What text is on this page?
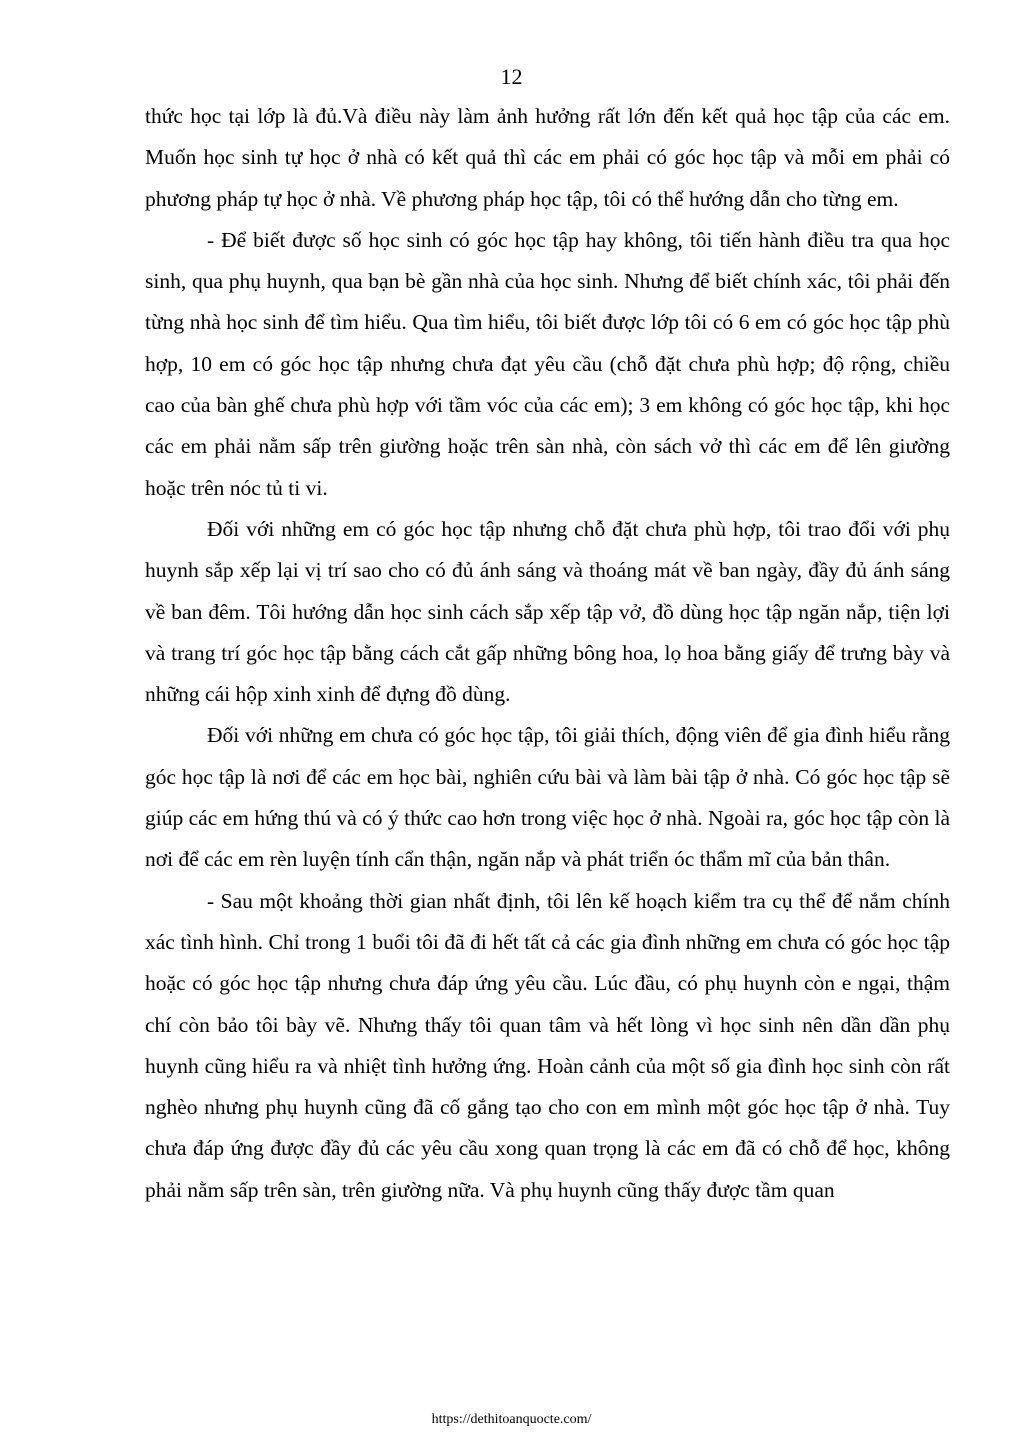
12

thức học tại lớp là đủ.Và điều này làm ảnh hưởng rất lớn đến kết quả học tập của các em. Muốn học sinh tự học ở nhà có kết quả thì các em phải có góc học tập và mỗi em phải có phương pháp tự học ở nhà. Về phương pháp học tập, tôi có thể hướng dẫn cho từng em.

- Để biết được số học sinh có góc học tập hay không, tôi tiến hành điều tra qua học sinh, qua phụ huynh, qua bạn bè gần nhà của học sinh. Nhưng để biết chính xác, tôi phải đến từng nhà học sinh để tìm hiểu. Qua tìm hiểu, tôi biết được lớp tôi có 6 em có góc học tập phù hợp, 10 em có góc học tập nhưng chưa đạt yêu cầu (chỗ đặt chưa phù hợp; độ rộng, chiều cao của bàn ghế chưa phù hợp với tầm vóc của các em); 3 em không có góc học tập, khi học các em phải nằm sấp trên giường hoặc trên sàn nhà, còn sách vở thì các em để lên giường hoặc trên nóc tủ ti vi.

Đối với những em có góc học tập nhưng chỗ đặt chưa phù hợp, tôi trao đổi với phụ huynh sắp xếp lại vị trí sao cho có đủ ánh sáng và thoáng mát về ban ngày, đầy đủ ánh sáng về ban đêm. Tôi hướng dẫn học sinh cách sắp xếp tập vở, đồ dùng học tập ngăn nắp, tiện lợi và trang trí góc học tập bằng cách cắt gấp những bông hoa, lọ hoa bằng giấy để trưng bày và những cái hộp xinh xinh để đựng đồ dùng.

Đối với những em chưa có góc học tập, tôi giải thích, động viên để gia đình hiểu rằng góc học tập là nơi để các em học bài, nghiên cứu bài và làm bài tập ở nhà. Có góc học tập sẽ giúp các em hứng thú và có ý thức cao hơn trong việc học ở nhà. Ngoài ra, góc học tập còn là nơi để các em rèn luyện tính cẩn thận, ngăn nắp và phát triển óc thẩm mĩ của bản thân.

- Sau một khoảng thời gian nhất định, tôi lên kế hoạch kiểm tra cụ thể để nắm chính xác tình hình. Chỉ trong 1 buổi tôi đã đi hết tất cả các gia đình những em chưa có góc học tập hoặc có góc học tập nhưng chưa đáp ứng yêu cầu. Lúc đầu, có phụ huynh còn e ngại, thậm chí còn bảo tôi bày vẽ. Nhưng thấy tôi quan tâm và hết lòng vì học sinh nên dần dần phụ huynh cũng hiểu ra và nhiệt tình hưởng ứng. Hoàn cảnh của một số gia đình học sinh còn rất nghèo nhưng phụ huynh cũng đã cố gắng tạo cho con em mình một góc học tập ở nhà. Tuy chưa đáp ứng được đầy đủ các yêu cầu xong quan trọng là các em đã có chỗ để học, không phải nằm sấp trên sàn, trên giường nữa. Và phụ huynh cũng thấy được tầm quan

https://dethitoanquocte.com/
